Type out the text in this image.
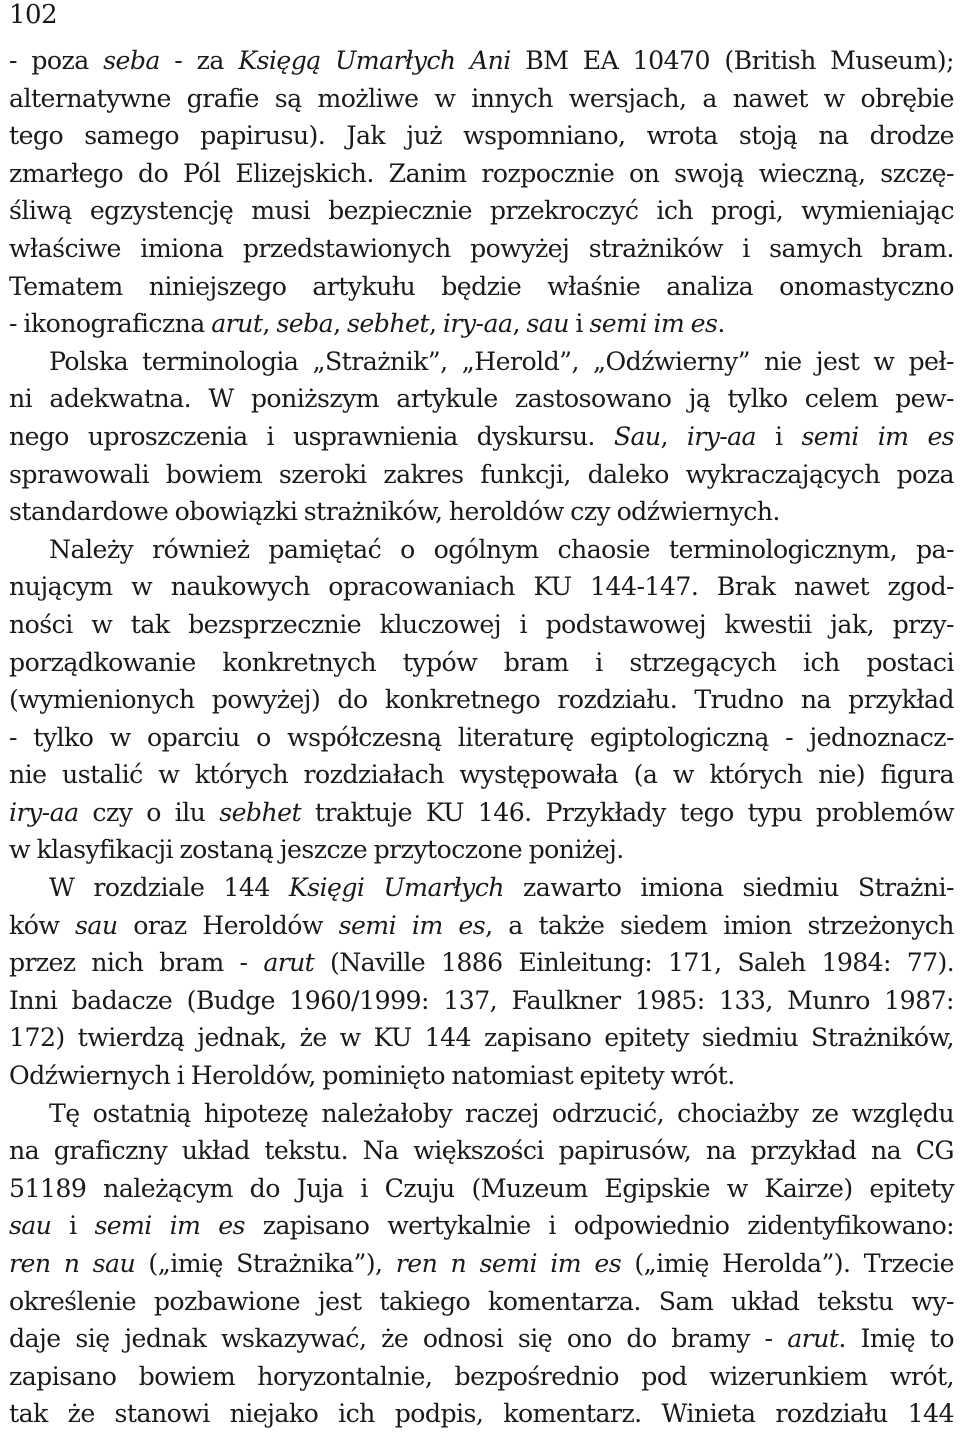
102
- poza seba - za Księgą Umarłych Ani BM EA 10470 (British Museum);
alternatywne grafie są możliwe w innych wersjach, a nawet w obrębie
tego samego papirusu). Jak już wspomniano, wrota stoją na drodze
zmarłego do Pól Elizejskich. Zanim rozpocznie on swoją wieczną, szczę-
śliwą egzystencję musi bezpiecznie przekroczyć ich progi, wymieniając
właściwe imiona przedstawionych powyżej strażników i samych bram.
Tematem niniejszego artykułu będzie właśnie analiza onomastyczno
- ikonograficzna arut, seba, sebhet, iry-aa, sau i semi im es.
Polska terminologia „Strażnik”, „Herold”, „Odźwierny” nie jest w peł-
ni adekwatna. W poniższym artykule zastosowano ją tylko celem pew-
nego uproszczenia i usprawnienia dyskursu. Sau, iry-aa i semi im es
sprawowali bowiem szeroki zakres funkcji, daleko wykraczających poza
standardowe obowiązki strażników, heroldów czy odźwiernych.
Należy również pamiętać o ogólnym chaosie terminologicznym, pa-
nującym w naukowych opracowaniach KU 144-147. Brak nawet zgod-
ności w tak bezsprzecznie kluczowej i podstawowej kwestii jak, przy-
porządkowanie konkretnych typów bram i strzegących ich postaci
(wymienionych powyżej) do konkretnego rozdziału. Trudno na przykład
- tylko w oparciu o współczesną literaturę egiptologiczną - jednoznacz-
nie ustalić w których rozdziałach występowała (a w których nie) figura
iry-aa czy o ilu sebhet traktuje KU 146. Przykłady tego typu problemów
w klasyfikacji zostaną jeszcze przytoczone poniżej.
W rozdziale 144 Księgi Umarłych zawarto imiona siedmiu Strażni-
ków sau oraz Heroldów semi im es, a także siedem imion strzeżonych
przez nich bram - arut (Naville 1886 Einleitung: 171, Saleh 1984: 77).
Inni badacze (Budge 1960/1999: 137, Faulkner 1985: 133, Munro 1987:
172) twierdzą jednak, że w KU 144 zapisano epitety siedmiu Strażników,
Odźwiernych i Heroldów, pominięto natomiast epitety wrót.
Tę ostatnią hipotezę należałoby raczej odrzucić, chociażby ze względu
na graficzny układ tekstu. Na większości papirusów, na przykład na CG
51189 należącym do Juja i Czuju (Muzeum Egipskie w Kairze) epitety
sau i semi im es zapisano wertykalnie i odpowiednio zidentyfikowano:
ren n sau („imię Strażnika”), ren n semi im es („imię Herolda”). Trzecie
określenie pozbawione jest takiego komentarza. Sam układ tekstu wy-
daje się jednak wskazywać, że odnosi się ono do bramy - arut. Imię to
zapisano bowiem horyzontalnie, bezpośrednio pod wizerunkiem wrót,
tak że stanowi niejako ich podpis, komentarz. Winieta rozdziału 144
